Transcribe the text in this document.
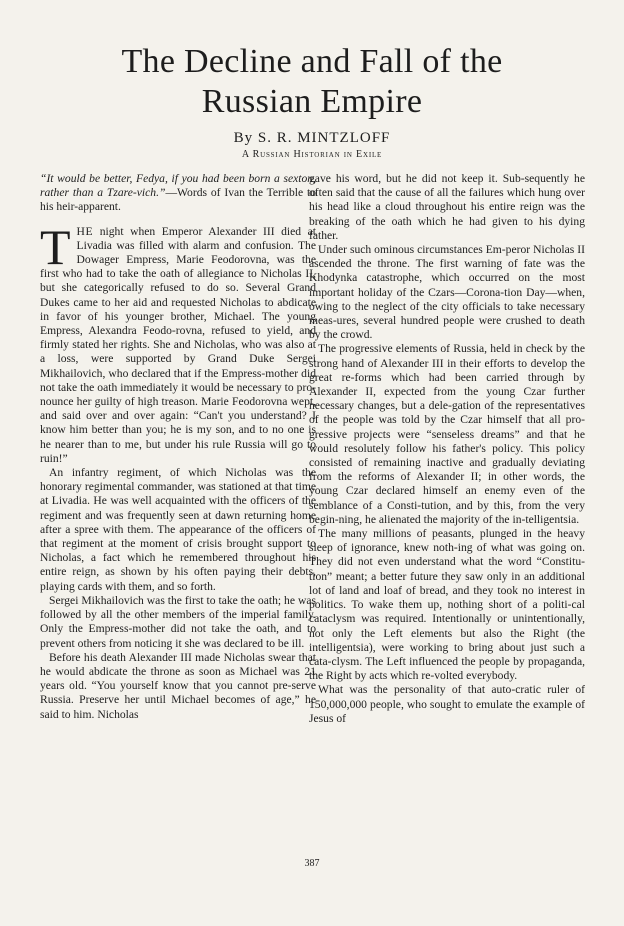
The Decline and Fall of the
Russian Empire
By S. R. MINTZLOFF
A Russian Historian in Exile

“It would be better, Fedya, if you had been born a sexton, rather than a Tzare-vich.”—Words of Ivan the Terrible to his heir-apparent.

THE night when Emperor Alexander III died at Livadia was filled with alarm and confusion. The Dowager Empress, Marie Feodorovna, was the first who had to take the oath of allegiance to Nicholas II, but she categorically refused to do so. Several Grand Dukes came to her aid and requested Nicholas to abdicate in favor of his younger brother, Michael. The young Empress, Alexandra Feodo-rovna, refused to yield, and firmly stated her rights. She and Nicholas, who was also at a loss, were supported by Grand Duke Sergei Mikhailovich, who declared that if the Empress-mother did not take the oath immediately it would be necessary to pro-nounce her guilty of high treason. Marie Feodorovna wept, and said over and over again: “Can't you understand? I know him better than you; he is my son, and to no one is he nearer than to me, but under his rule Russia will go to ruin!”

An infantry regiment, of which Nicholas was the honorary regimental commander, was stationed at that time at Livadia. He was well acquainted with the officers of the regiment and was frequently seen at dawn returning home after a spree with them. The appearance of the officers of that regiment at the moment of crisis brought support to Nicholas, a fact which he remembered throughout his entire reign, as shown by his often paying their debts, playing cards with them, and so forth.

Sergei Mikhailovich was the first to take the oath; he was followed by all the other members of the imperial family. Only the Empress-mother did not take the oath, and to prevent others from noticing it she was declared to be ill.

Before his death Alexander III made Nicholas swear that he would abdicate the throne as soon as Michael was 21 years old. “You yourself know that you cannot pre-serve Russia. Preserve her until Michael becomes of age,” he said to him. Nicholas

gave his word, but he did not keep it. Sub-sequently he often said that the cause of all the failures which hung over his head like a cloud throughout his entire reign was the breaking of the oath which he had given to his dying father.

Under such ominous circumstances Em-peror Nicholas II ascended the throne. The first warning of fate was the Khodynka catastrophe, which occurred on the most important holiday of the Czars—Corona-tion Day—when, owing to the neglect of the city officials to take necessary meas-ures, several hundred people were crushed to death by the crowd.

The progressive elements of Russia, held in check by the strong hand of Alexander III in their efforts to develop the great re-forms which had been carried through by Alexander II, expected from the young Czar further necessary changes, but a dele-gation of the representatives of the people was told by the Czar himself that all pro-gressive projects were “senseless dreams” and that he would resolutely follow his father's policy. This policy consisted of remaining inactive and gradually deviating from the reforms of Alexander II; in other words, the young Czar declared himself an enemy even of the semblance of a Consti-tution, and by this, from the very begin-ning, he alienated the majority of the in-telligentsia.

The many millions of peasants, plunged in the heavy sleep of ignorance, knew noth-ing of what was going on. They did not even understand what the word “Constitu-tion” meant; a better future they saw only in an additional lot of land and loaf of bread, and they took no interest in politics. To wake them up, nothing short of a politi-cal cataclysm was required. Intentionally or unintentionally, not only the Left elements but also the Right (the intelligentsia), were working to bring about just such a cata-clysm. The Left influenced the people by propaganda, the Right by acts which re-volted everybody.

What was the personality of that auto-cratic ruler of 150,000,000 people, who sought to emulate the example of Jesus of

387
